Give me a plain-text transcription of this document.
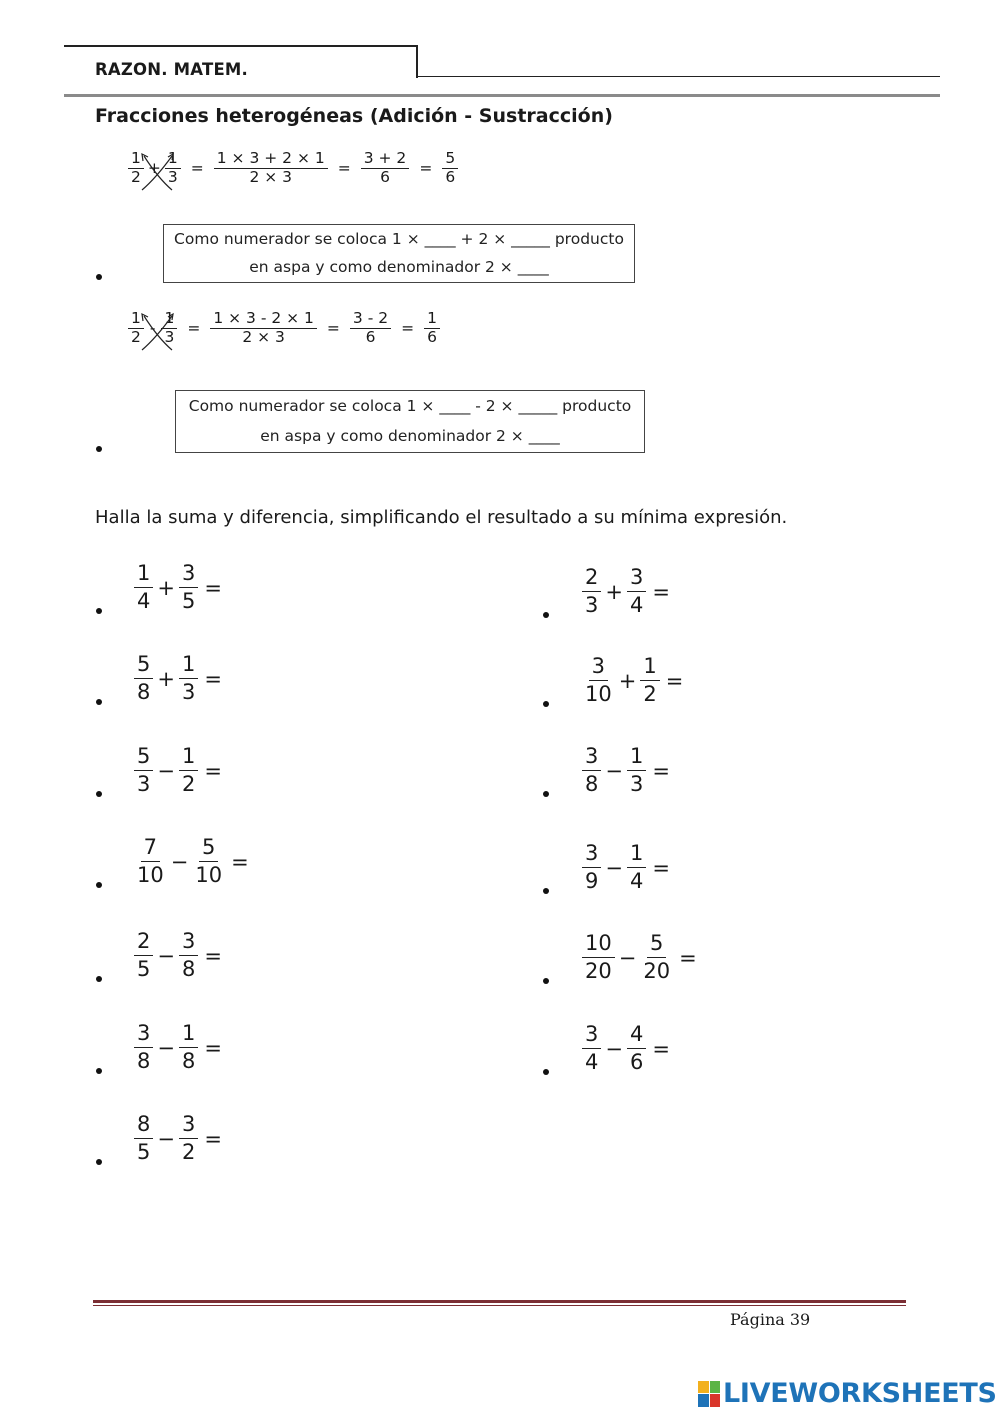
RAZON. MATEM.
Fracciones heterogéneas (Adición - Sustracción)
$\frac{1}{2} + \frac{1}{3} = \frac{1 \times 3 + 2 \times 1}{2 \times 3} = \frac{3 + 2}{6} = \frac{5}{6}$
Como numerador se coloca 1 × ____ + 2 × _____ producto
en aspa y como denominador 2 × ____
$\frac{1}{2} - \frac{1}{3} = \frac{1 \times 3 - 2 \times 1}{2 \times 3} = \frac{3 - 2}{6} = \frac{1}{6}$
Como numerador se coloca 1 × ____ - 2 × _____ producto
en aspa y como denominador 2 × ____
Halla la suma y diferencia, simplificando el resultado a su mínima expresión.
$\frac{1}{4} + \frac{3}{5}$ =
$\frac{5}{8} + \frac{1}{3}$ =
$\frac{5}{3} - \frac{1}{2}$ =
$\frac{7}{10} - \frac{5}{10}$ =
$\frac{2}{5} - \frac{3}{8}$ =
$\frac{3}{8} - \frac{1}{8}$ =
$\frac{8}{5} - \frac{3}{2}$ =
$\frac{2}{3} + \frac{3}{4}$ =
$\frac{3}{10} + \frac{1}{2}$ =
$\frac{3}{8} - \frac{1}{3}$ =
$\frac{3}{9} - \frac{1}{4}$ =
$\frac{10}{20} - \frac{5}{20}$ =
$\frac{3}{4} - \frac{4}{6}$ =
Página 39
LIVEWORKSHEETS
